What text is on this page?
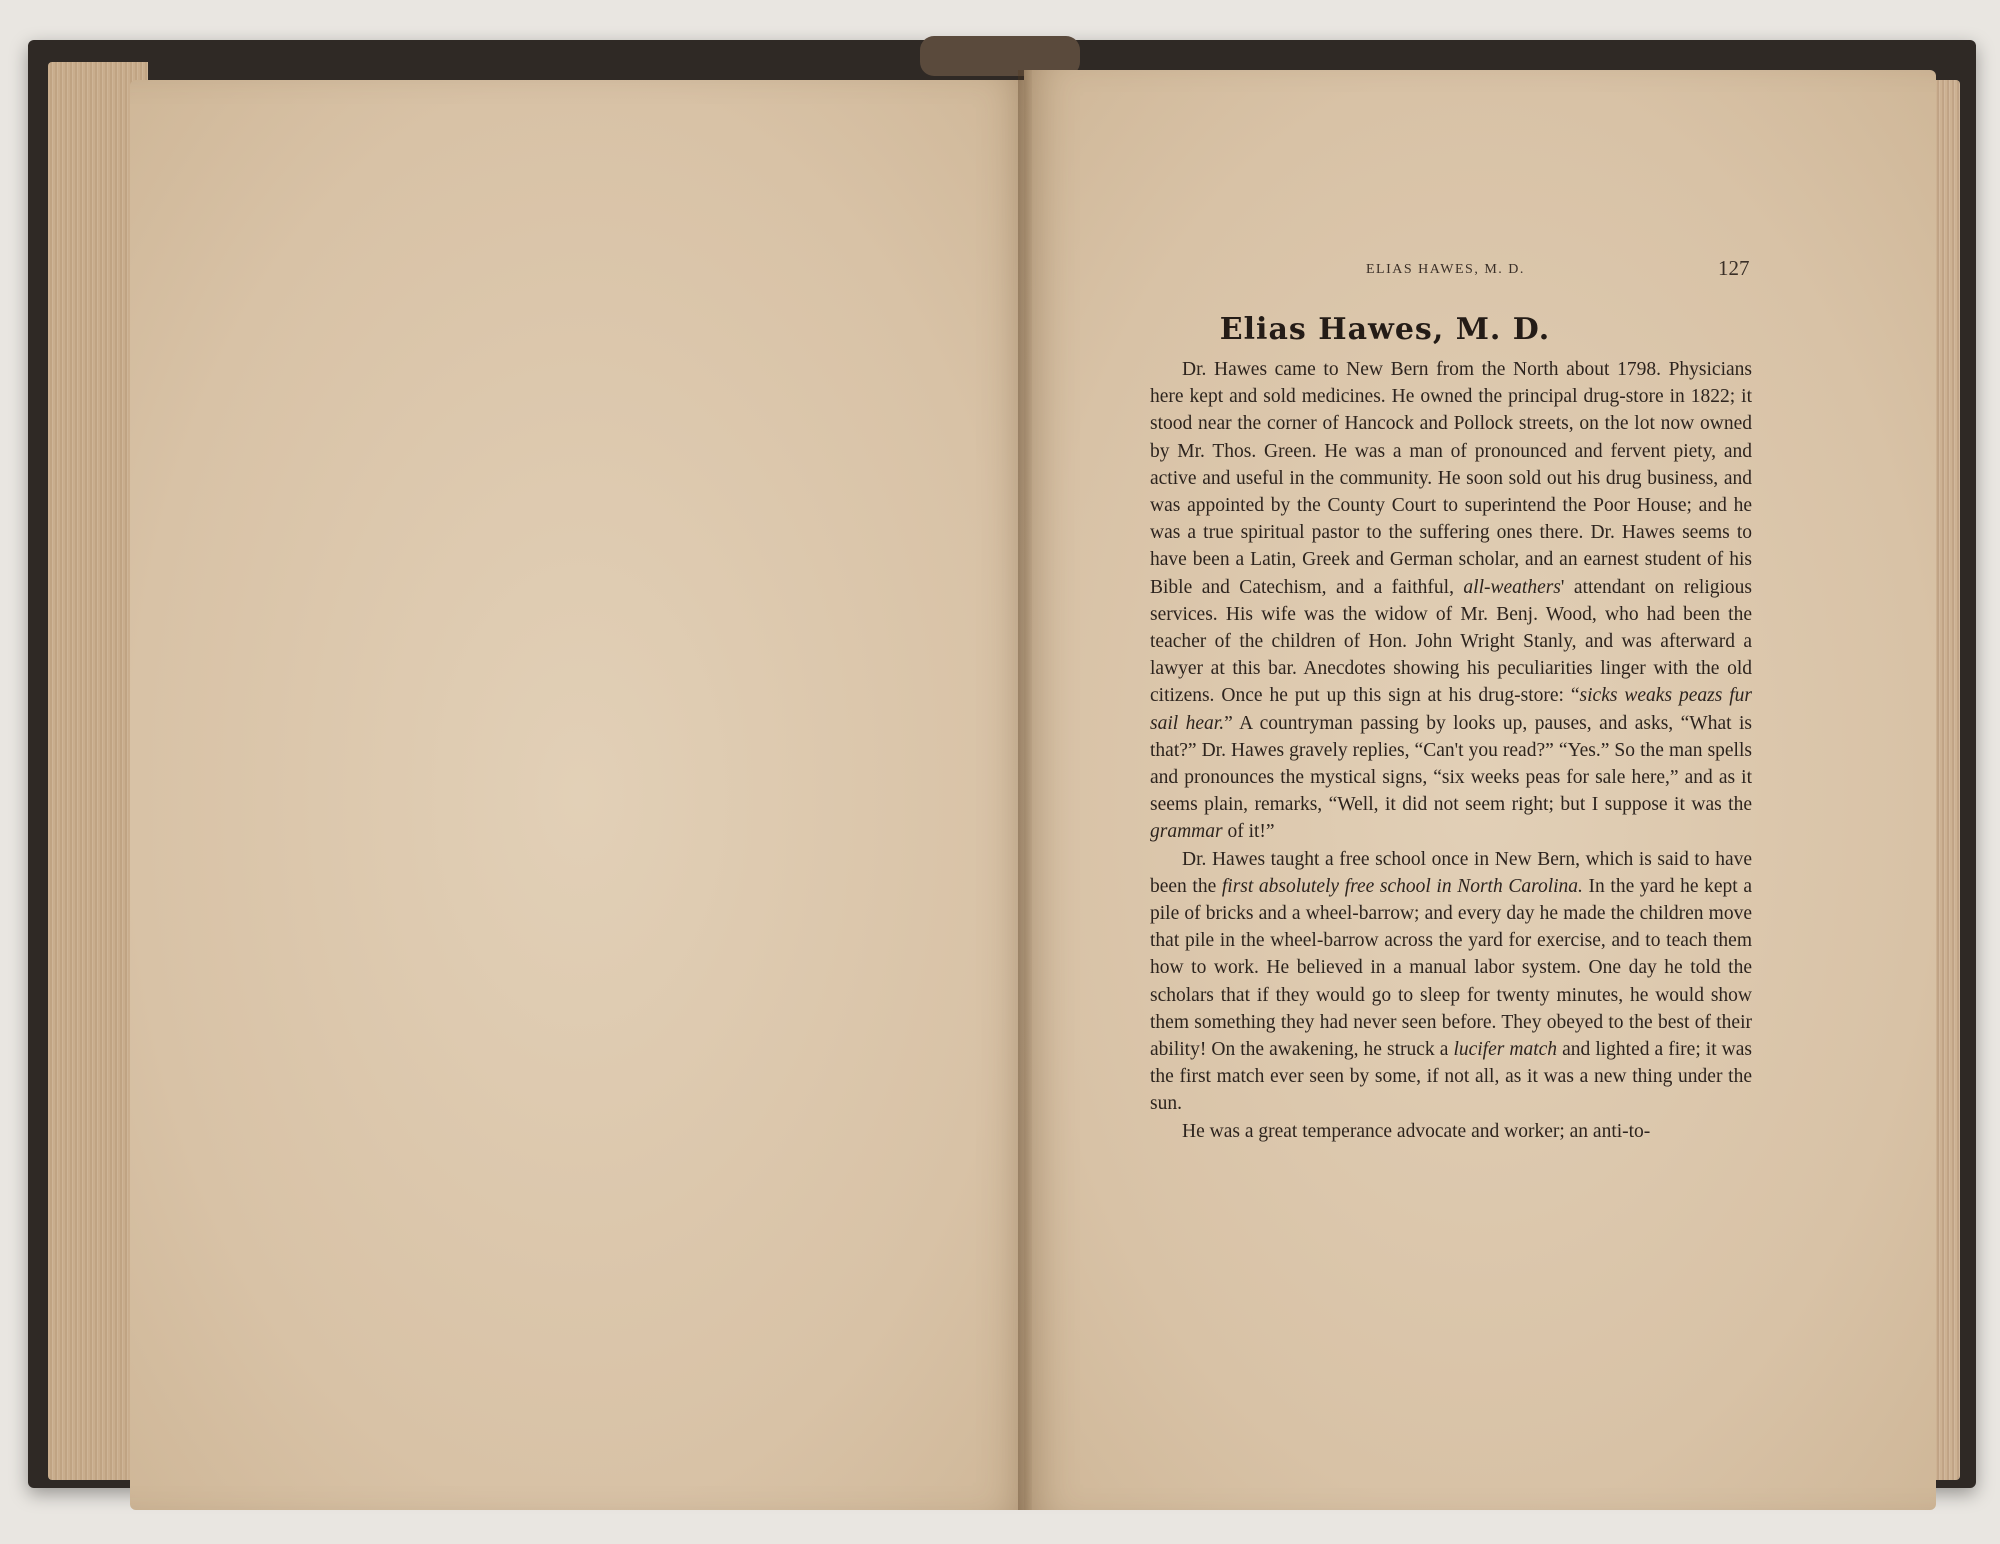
ELIAS HAWES, M. D.	127
Elias Hawes, M. D.

Dr. Hawes came to New Bern from the North about 1798. Physicians here kept and sold medicines. He owned the principal drug-store in 1822; it stood near the corner of Hancock and Pollock streets, on the lot now owned by Mr. Thos. Green. He was a man of pronounced and fervent piety, and active and useful in the community. He soon sold out his drug business, and was appointed by the County Court to superintend the Poor House; and he was a true spiritual pastor to the suffering ones there. Dr. Hawes seems to have been a Latin, Greek and German scholar, and an earnest student of his Bible and Catechism, and a faithful, all-weathers' attendant on religious services. His wife was the widow of Mr. Benj. Wood, who had been the teacher of the children of Hon. John Wright Stanly, and was afterward a lawyer at this bar. Anecdotes showing his peculiarities linger with the old citizens. Once he put up this sign at his drug-store: “sicks weaks peazs fur sail hear.” A countryman passing by looks up, pauses, and asks, “What is that?” Dr. Hawes gravely replies, “Can't you read?” “Yes.” So the man spells and pronounces the mystical signs, “six weeks peas for sale here,” and as it seems plain, remarks, “Well, it did not seem right; but I suppose it was the grammar of it!”

Dr. Hawes taught a free school once in New Bern, which is said to have been the first absolutely free school in North Carolina. In the yard he kept a pile of bricks and a wheel-barrow; and every day he made the children move that pile in the wheel-barrow across the yard for exercise, and to teach them how to work. He believed in a manual labor system. One day he told the scholars that if they would go to sleep for twenty minutes, he would show them something they had never seen before. They obeyed to the best of their ability! On the awakening, he struck a lucifer match and lighted a fire; it was the first match ever seen by some, if not all, as it was a new thing under the sun.

He was a great temperance advocate and worker; an anti-to-
